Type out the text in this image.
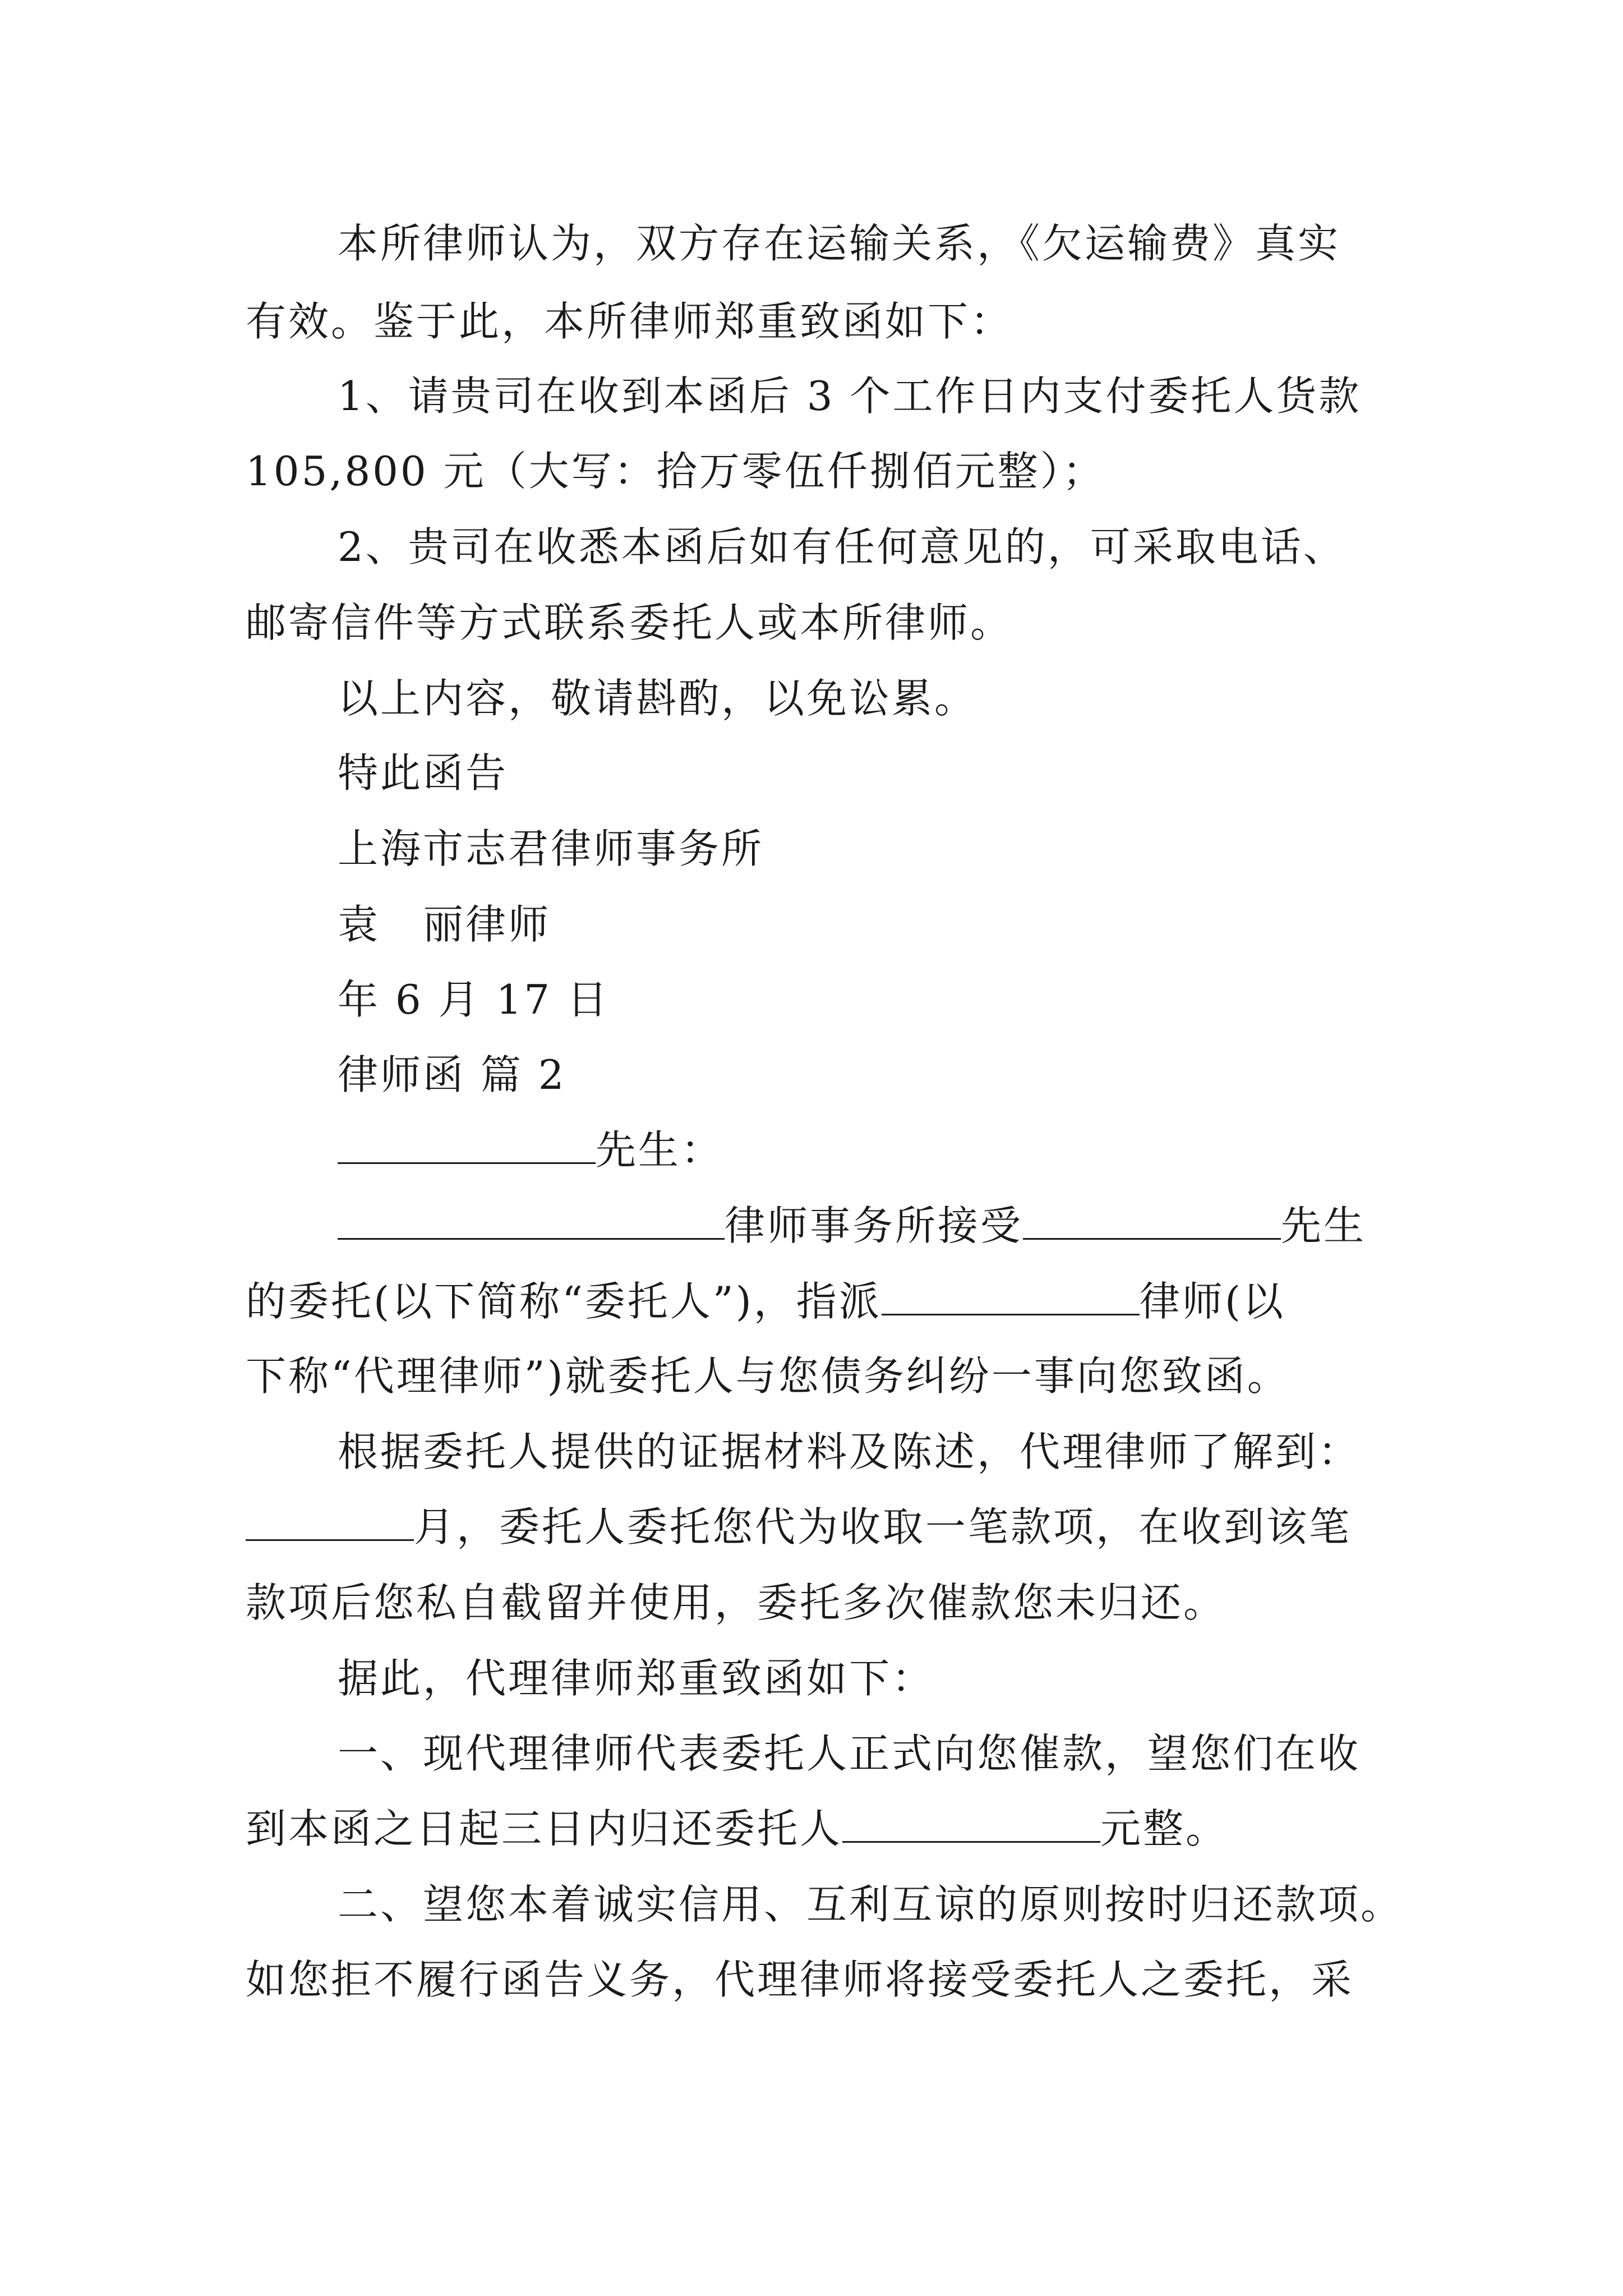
本所律师认为，双方存在运输关系，《欠运输费》真实
有效。鉴于此，本所律师郑重致函如下：
1、请贵司在收到本函后 3 个工作日内支付委托人货款
105,800 元（大写：拾万零伍仟捌佰元整）；
2、贵司在收悉本函后如有任何意见的，可采取电话、
邮寄信件等方式联系委托人或本所律师。
以上内容，敬请斟酌，以免讼累。
特此函告
上海市志君律师事务所
袁　丽律师
年 6 月 17 日
律师函 篇 2
先生：
律师事务所接受	先生
的委托(以下简称“委托人”)，指派	律师(以
下称“代理律师”)就委托人与您债务纠纷一事向您致函。
根据委托人提供的证据材料及陈述，代理律师了解到：
月，委托人委托您代为收取一笔款项，在收到该笔
款项后您私自截留并使用，委托多次催款您未归还。
据此，代理律师郑重致函如下：
一、现代理律师代表委托人正式向您催款，望您们在收
到本函之日起三日内归还委托人	元整。
二、望您本着诚实信用、互利互谅的原则按时归还款项。
如您拒不履行函告义务，代理律师将接受委托人之委托，采
